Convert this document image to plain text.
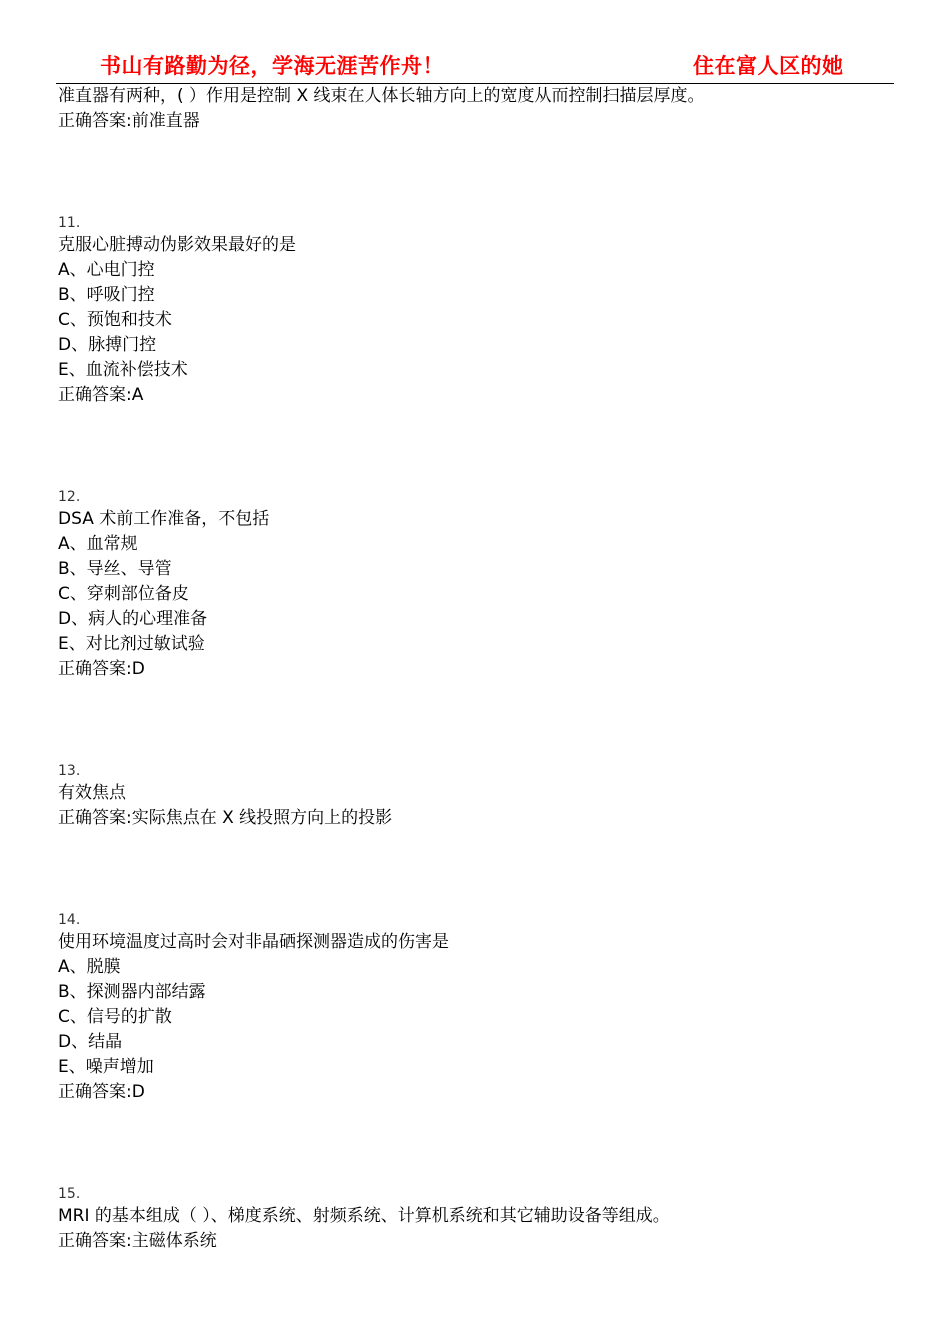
书山有路勤为径，学海无涯苦作舟！	住在富人区的她
准直器有两种，( ）作用是控制 X 线束在人体长轴方向上的宽度从而控制扫描层厚度。
正确答案:前准直器
11.
克服心脏搏动伪影效果最好的是
A、心电门控
B、呼吸门控
C、预饱和技术
D、脉搏门控
E、血流补偿技术
正确答案:A
12.
DSA 术前工作准备，不包括
A、血常规
B、导丝、导管
C、穿刺部位备皮
D、病人的心理准备
E、对比剂过敏试验
正确答案:D
13.
有效焦点
正确答案:实际焦点在 X 线投照方向上的投影
14.
使用环境温度过高时会对非晶硒探测器造成的伤害是
A、脱膜
B、探测器内部结露
C、信号的扩散
D、结晶
E、噪声增加
正确答案:D
15.
MRI 的基本组成（ ）、梯度系统、射频系统、计算机系统和其它辅助设备等组成。
正确答案:主磁体系统
